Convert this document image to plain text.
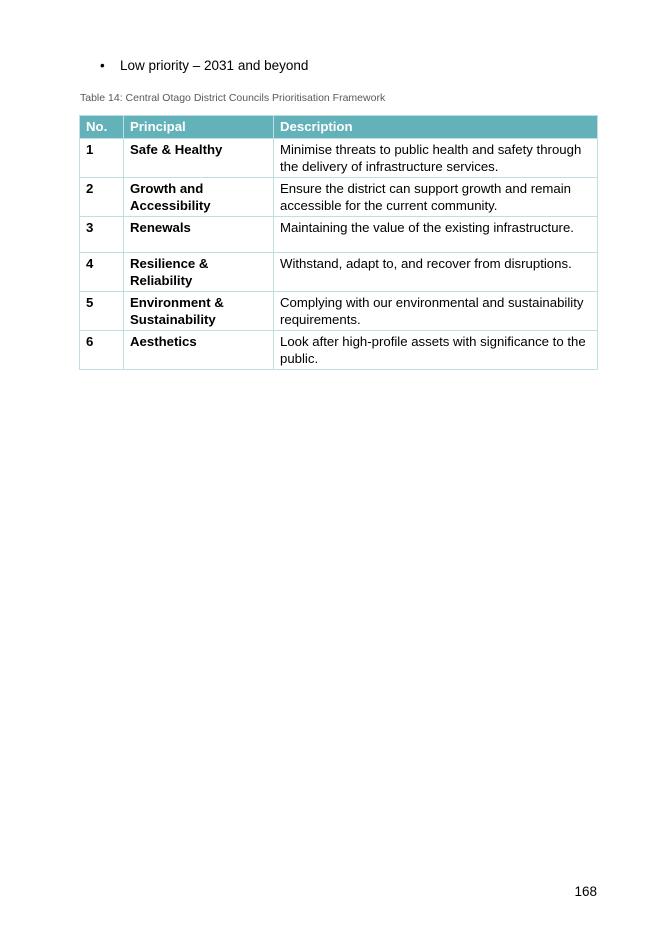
• Low priority – 2031 and beyond
Table 14: Central Otago District Councils Prioritisation Framework
No.	Principal	Description
1	Safe & Healthy	Minimise threats to public health and safety through the delivery of infrastructure services.
2	Growth and Accessibility	Ensure the district can support growth and remain accessible for the current community.
3	Renewals	Maintaining the value of the existing infrastructure.
4	Resilience & Reliability	Withstand, adapt to, and recover from disruptions.
5	Environment & Sustainability	Complying with our environmental and sustainability requirements.
6	Aesthetics	Look after high-profile assets with significance to the public.
168
